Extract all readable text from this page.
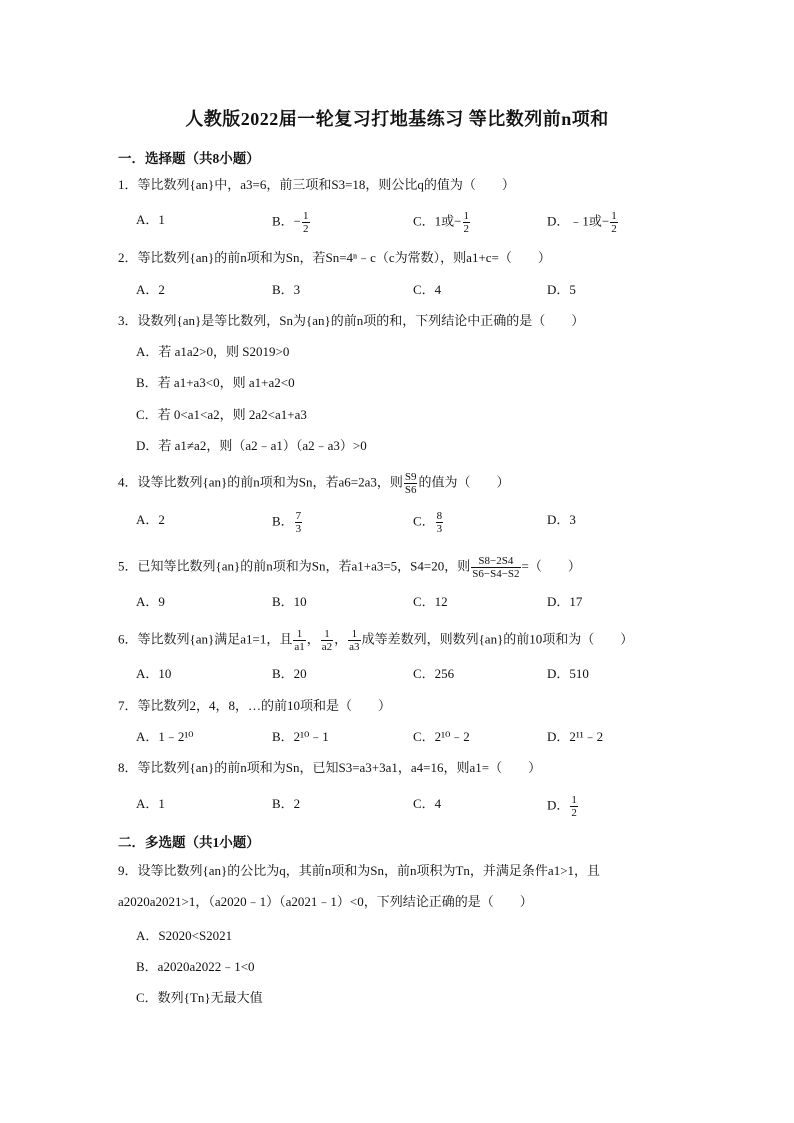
人教版2022届一轮复习打地基练习 等比数列前n项和
一．选择题（共8小题）
1．等比数列{an}中，a3=6，前三项和S3=18，则公比q的值为（　　）
A．1	B．− $\frac{1}{2}$	C．1或− $\frac{1}{2}$	D．﹣1或− $\frac{1}{2}$
2．等比数列{an}的前n项和为Sn，若Sn=4ⁿ﹣c（c为常数），则a1+c=（　　）
A．2	B．3	C．4	D．5
3．设数列{an}是等比数列，Sn为{an}的前n项的和，下列结论中正确的是（　　）
A．若 a1a2>0，则 S2019>0
B．若 a1+a3<0，则 a1+a2<0
C．若 0<a1<a2，则 2a2<a1+a3
D．若 a1≠a2，则（a2﹣a1）（a2﹣a3）>0
4．设等比数列{an}的前n项和为Sn，若a6=2a3，则 $\frac{S9}{S6}$ 的值为（　　）
A．2	B． $\frac{7}{3}$	C． $\frac{8}{3}$	D．3
5．已知等比数列{an}的前n项和为Sn，若a1+a3=5，S4=20，则 $\frac{S8-2S4}{S6-S4-S2}$ =（　　）
A．9	B．10	C．12	D．17
6．等比数列{an}满足a1=1，且 $\frac{1}{a1}$ ， $\frac{1}{a2}$ ， $\frac{1}{a3}$ 成等差数列，则数列{an}的前10项和为（　　）
A．10	B．20	C．256	D．510
7．等比数列2，4，8，…的前10项和是（　　）
A．1﹣2¹⁰	B．2¹⁰﹣1	C．2¹⁰﹣2	D．2¹¹﹣2
8．等比数列{an}的前n项和为Sn，已知S3=a3+3a1，a4=16，则a1=（　　）
A．1	B．2	C．4	D． $\frac{1}{2}$
二．多选题（共1小题）
9．设等比数列{an}的公比为q，其前n项和为Sn，前n项积为Tn，并满足条件a1>1，且
a2020a2021>1，（a2020﹣1）（a2021﹣1）<0，下列结论正确的是（　　）
A．S2020<S2021
B．a2020a2022﹣1<0
C．数列{Tn}无最大值
